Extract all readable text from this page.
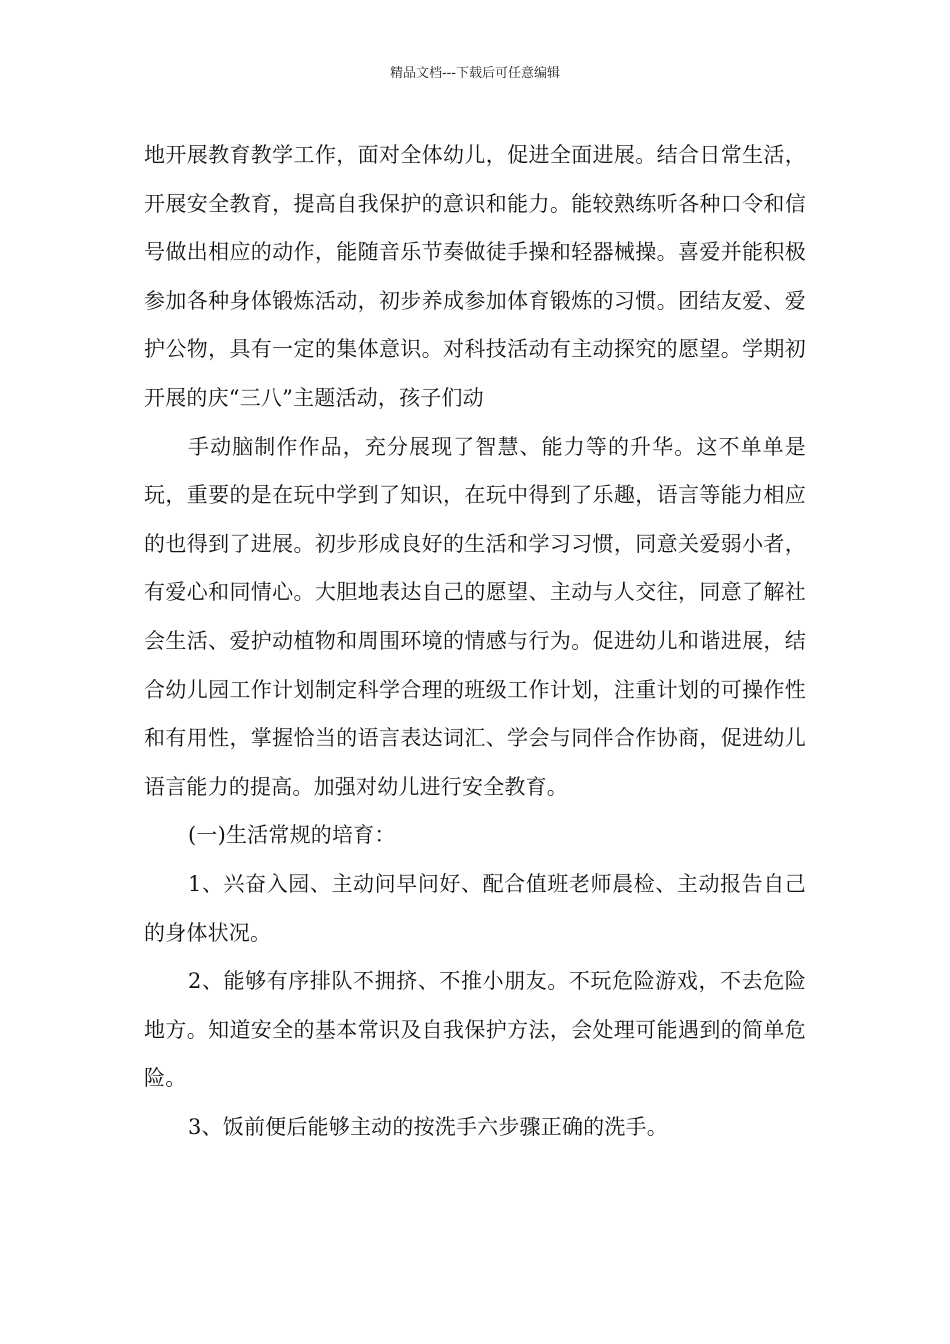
精品文档---下载后可任意编辑

地开展教育教学工作，面对全体幼儿，促进全面进展。结合日常生活，开展安全教育，提高自我保护的意识和能力。能较熟练听各种口令和信号做出相应的动作，能随音乐节奏做徒手操和轻器械操。喜爱并能积极参加各种身体锻炼活动，初步养成参加体育锻炼的习惯。团结友爱、爱护公物，具有一定的集体意识。对科技活动有主动探究的愿望。学期初开展的庆“三八”主题活动，孩子们动

手动脑制作作品，充分展现了智慧、能力等的升华。这不单单是玩，重要的是在玩中学到了知识，在玩中得到了乐趣，语言等能力相应的也得到了进展。初步形成良好的生活和学习习惯，同意关爱弱小者，有爱心和同情心。大胆地表达自己的愿望、主动与人交往，同意了解社会生活、爱护动植物和周围环境的情感与行为。促进幼儿和谐进展，结合幼儿园工作计划制定科学合理的班级工作计划，注重计划的可操作性和有用性，掌握恰当的语言表达词汇、学会与同伴合作协商，促进幼儿语言能力的提高。加强对幼儿进行安全教育。

(一)生活常规的培育：

1、兴奋入园、主动问早问好、配合值班老师晨检、主动报告自己的身体状况。

2、能够有序排队不拥挤、不推小朋友。不玩危险游戏，不去危险地方。知道安全的基本常识及自我保护方法，会处理可能遇到的简单危险。

3、饭前便后能够主动的按洗手六步骤正确的洗手。
